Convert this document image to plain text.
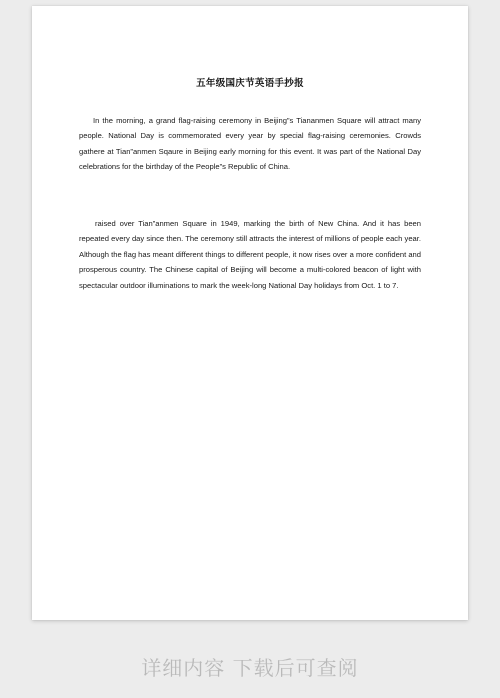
五年级国庆节英语手抄报

In the morning, a grand flag-raising ceremony in Beijing”s Tiananmen Square will attract many people. National Day is commemorated every year by special flag-raising ceremonies. Crowds gathere at Tian”anmen Sqaure in Beijing early morning for this event. It was part of the National Day celebrations for the birthday of the People”s Republic of China.

raised over Tian”anmen Square in 1949, marking the birth of New China. And it has been repeated every day since then. The ceremony still attracts the interest of millions of people each year. Although the flag has meant different things to different people, it now rises over a more confident and prosperous country. The Chinese capital of Beijing will become a multi-colored beacon of light with spectacular outdoor illuminations to mark the week-long National Day holidays from Oct. 1 to 7.

详细内容 下载后可查阅
